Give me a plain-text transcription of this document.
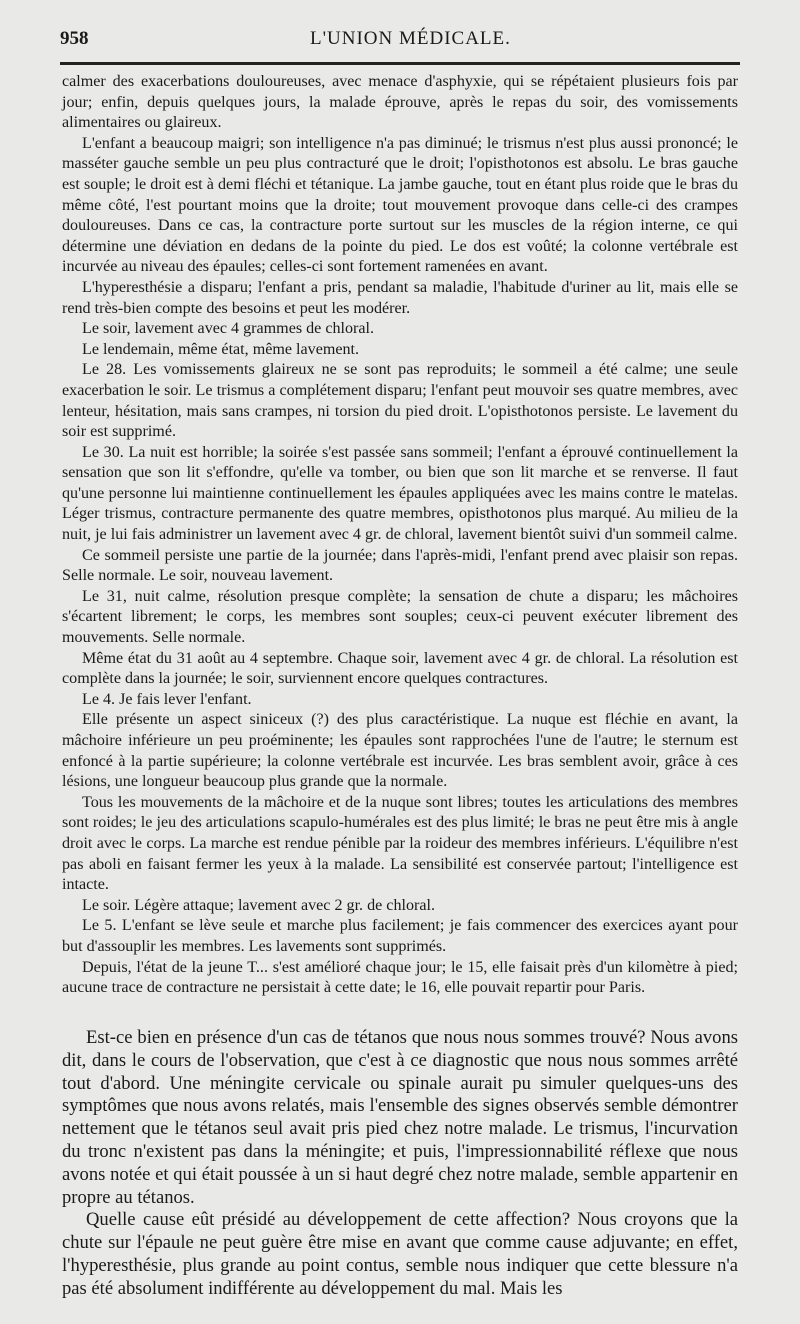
958	L'UNION MÉDICALE.

calmer des exacerbations douloureuses, avec menace d'asphyxie, qui se répétaient plusieurs fois par jour; enfin, depuis quelques jours, la malade éprouve, après le repas du soir, des vomissements alimentaires ou glaireux.

L'enfant a beaucoup maigri; son intelligence n'a pas diminué; le trismus n'est plus aussi prononcé; le masséter gauche semble un peu plus contracturé que le droit; l'opisthotonos est absolu. Le bras gauche est souple; le droit est à demi fléchi et tétanique. La jambe gauche, tout en étant plus roide que le bras du même côté, l'est pourtant moins que la droite; tout mouvement provoque dans celle-ci des crampes douloureuses. Dans ce cas, la contracture porte surtout sur les muscles de la région interne, ce qui détermine une déviation en dedans de la pointe du pied. Le dos est voûté; la colonne vertébrale est incurvée au niveau des épaules; celles-ci sont fortement ramenées en avant.

L'hyperesthésie a disparu; l'enfant a pris, pendant sa maladie, l'habitude d'uriner au lit, mais elle se rend très-bien compte des besoins et peut les modérer.

Le soir, lavement avec 4 grammes de chloral.

Le lendemain, même état, même lavement.

Le 28. Les vomissements glaireux ne se sont pas reproduits; le sommeil a été calme; une seule exacerbation le soir. Le trismus a complétement disparu; l'enfant peut mouvoir ses quatre membres, avec lenteur, hésitation, mais sans crampes, ni torsion du pied droit. L'opisthotonos persiste. Le lavement du soir est supprimé.

Le 30. La nuit est horrible; la soirée s'est passée sans sommeil; l'enfant a éprouvé continuellement la sensation que son lit s'effondre, qu'elle va tomber, ou bien que son lit marche et se renverse. Il faut qu'une personne lui maintienne continuellement les épaules appliquées avec les mains contre le matelas. Léger trismus, contracture permanente des quatre membres, opisthotonos plus marqué. Au milieu de la nuit, je lui fais administrer un lavement avec 4 gr. de chloral, lavement bientôt suivi d'un sommeil calme.

Ce sommeil persiste une partie de la journée; dans l'après-midi, l'enfant prend avec plaisir son repas. Selle normale. Le soir, nouveau lavement.

Le 31, nuit calme, résolution presque complète; la sensation de chute a disparu; les mâchoires s'écartent librement; le corps, les membres sont souples; ceux-ci peuvent exécuter librement des mouvements. Selle normale.

Même état du 31 août au 4 septembre. Chaque soir, lavement avec 4 gr. de chloral. La résolution est complète dans la journée; le soir, surviennent encore quelques contractures.

Le 4. Je fais lever l'enfant.

Elle présente un aspect siniceux (?) des plus caractéristique. La nuque est fléchie en avant, la mâchoire inférieure un peu proéminente; les épaules sont rapprochées l'une de l'autre; le sternum est enfoncé à la partie supérieure; la colonne vertébrale est incurvée. Les bras semblent avoir, grâce à ces lésions, une longueur beaucoup plus grande que la normale.

Tous les mouvements de la mâchoire et de la nuque sont libres; toutes les articulations des membres sont roides; le jeu des articulations scapulo-humérales est des plus limité; le bras ne peut être mis à angle droit avec le corps. La marche est rendue pénible par la roideur des membres inférieurs. L'équilibre n'est pas aboli en faisant fermer les yeux à la malade. La sensibilité est conservée partout; l'intelligence est intacte.

Le soir. Légère attaque; lavement avec 2 gr. de chloral.

Le 5. L'enfant se lève seule et marche plus facilement; je fais commencer des exercices ayant pour but d'assouplir les membres. Les lavements sont supprimés.

Depuis, l'état de la jeune T... s'est amélioré chaque jour; le 15, elle faisait près d'un kilomètre à pied; aucune trace de contracture ne persistait à cette date; le 16, elle pouvait repartir pour Paris.

Est-ce bien en présence d'un cas de tétanos que nous nous sommes trouvé? Nous avons dit, dans le cours de l'observation, que c'est à ce diagnostic que nous nous sommes arrêté tout d'abord. Une méningite cervicale ou spinale aurait pu simuler quelques-uns des symptômes que nous avons relatés, mais l'ensemble des signes observés semble démontrer nettement que le tétanos seul avait pris pied chez notre malade. Le trismus, l'incurvation du tronc n'existent pas dans la méningite; et puis, l'impressionnabilité réflexe que nous avons notée et qui était poussée à un si haut degré chez notre malade, semble appartenir en propre au tétanos.

Quelle cause eût présidé au développement de cette affection? Nous croyons que la chute sur l'épaule ne peut guère être mise en avant que comme cause adjuvante; en effet, l'hyperesthésie, plus grande au point contus, semble nous indiquer que cette blessure n'a pas été absolument indifférente au développement du mal. Mais les
